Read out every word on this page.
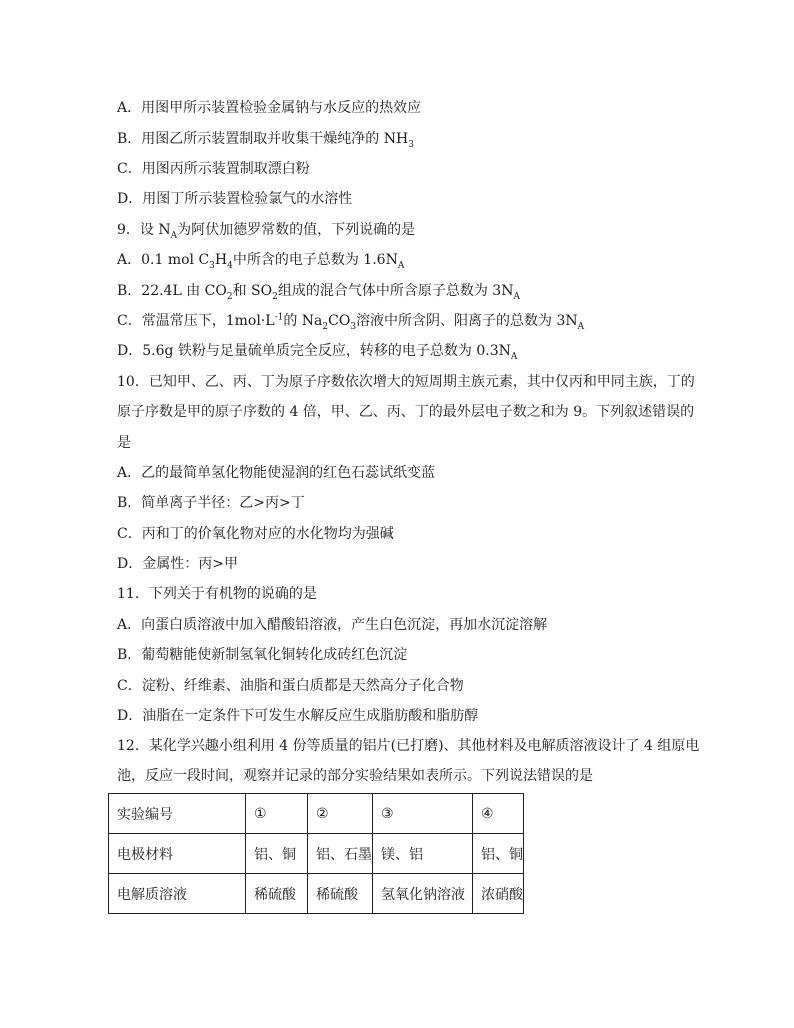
A．用图甲所示装置检验金属钠与水反应的热效应
B．用图乙所示装置制取并收集干燥纯净的 $NH_3$
C．用图丙所示装置制取漂白粉
D．用图丁所示装置检验氯气的水溶性
9．设 $N_A$为阿伏加德罗常数的值，下列说确的是
A．0.1 mol $C_3H_4$中所含的电子总数为 $1.6N_A$
B．22.4L 由 $CO_2$和 $SO_2$组成的混合气体中所含原子总数为 $3N_A$
C．常温常压下，$1mol\cdot L^{-1}$的 $Na_2CO_3$溶液中所含阴、阳离子的总数为 $3N_A$
D．5.6g 铁粉与足量硫单质完全反应，转移的电子总数为 $0.3N_A$
10．已知甲、乙、丙、丁为原子序数依次增大的短周期主族元素，其中仅丙和甲同主族，丁的
原子序数是甲的原子序数的 4 倍，甲、乙、丙、丁的最外层电子数之和为 9。下列叙述错误的
是
A．乙的最简单氢化物能使湿润的红色石蕊试纸变蓝
B．简单离子半径：乙>丙>丁
C．丙和丁的价氧化物对应的水化物均为强碱
D．金属性：丙>甲
11．下列关于有机物的说确的是
A．向蛋白质溶液中加入醋酸铅溶液，产生白色沉淀，再加水沉淀溶解
B．葡萄糖能使新制氢氧化铜转化成砖红色沉淀
C．淀粉、纤维素、油脂和蛋白质都是天然高分子化合物
D．油脂在一定条件下可发生水解反应生成脂肪酸和脂肪醇
12．某化学兴趣小组利用 4 份等质量的铝片(已打磨)、其他材料及电解质溶液设计了 4 组原电
池，反应一段时间，观察并记录的部分实验结果如表所示。下列说法错误的是
实验编号	①	②	③	④
电极材料	铝、铜	铝、石墨	镁、铝	铝、铜
电解质溶液	稀硫酸	稀硫酸	氢氧化钠溶液	浓硝酸
